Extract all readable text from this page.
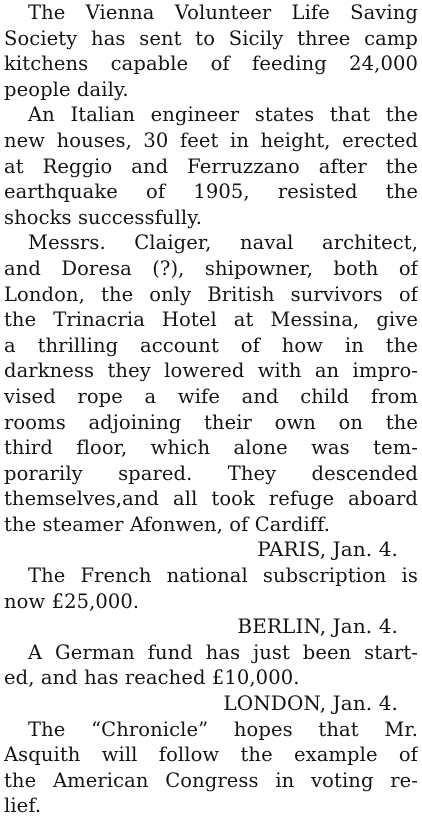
The Vienna Volunteer Life Saving
Society has sent to Sicily three camp
kitchens capable of feeding 24,000
people daily.
An Italian engineer states that the
new houses, 30 feet in height, erected
at Reggio and Ferruzzano after the
earthquake of 1905, resisted the
shocks successfully.
Messrs. Claiger, naval architect,
and Doresa (?), shipowner, both of
London, the only British survivors of
the Trinacria Hotel at Messina, give
a thrilling account of how in the
darkness they lowered with an impro-
vised rope a wife and child from
rooms adjoining their own on the
third floor, which alone was tem-
porarily spared. They descended
themselves,and all took refuge aboard
the steamer Afonwen, of Cardiff.
PARIS, Jan. 4.
The French national subscription is
now £25,000.
BERLIN, Jan. 4.
A German fund has just been start-
ed, and has reached £10,000.
LONDON, Jan. 4.
The “Chronicle” hopes that Mr.
Asquith will follow the example of
the American Congress in voting re-
lief.
